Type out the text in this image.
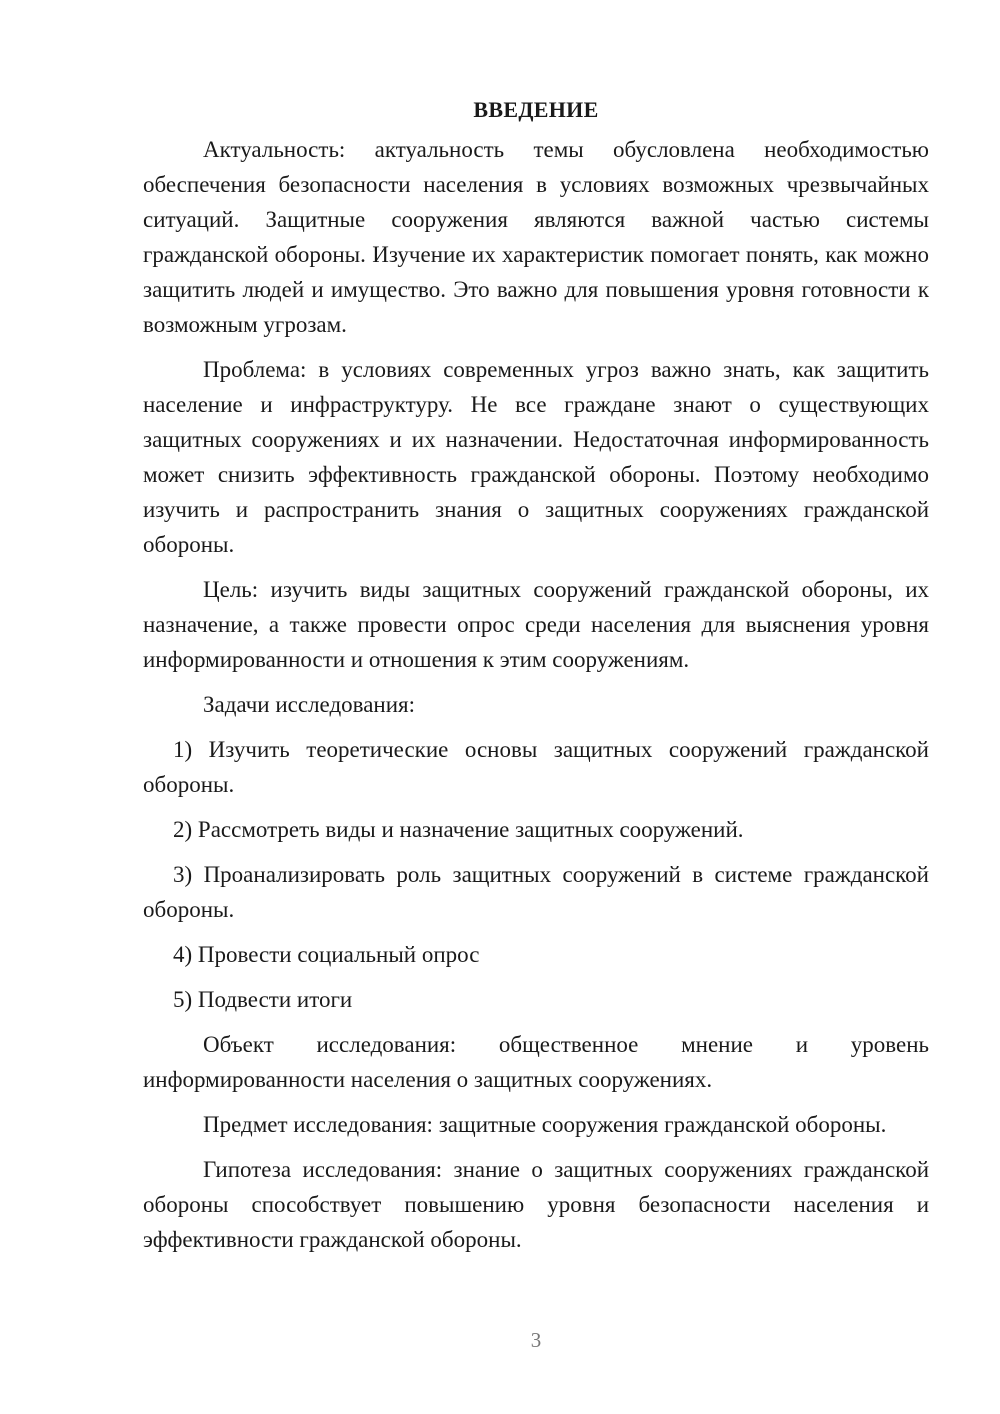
ВВЕДЕНИЕ

Актуальность: актуальность темы обусловлена необходимостью обеспечения безопасности населения в условиях возможных чрезвычайных ситуаций. Защитные сооружения являются важной частью системы гражданской обороны. Изучение их характеристик помогает понять, как можно защитить людей и имущество. Это важно для повышения уровня готовности к возможным угрозам.

Проблема: в условиях современных угроз важно знать, как защитить население и инфраструктуру. Не все граждане знают о существующих защитных сооружениях и их назначении. Недостаточная информированность может снизить эффективность гражданской обороны. Поэтому необходимо изучить и распространить знания о защитных сооружениях гражданской обороны.

Цель: изучить виды защитных сооружений гражданской обороны, их назначение, а также провести опрос среди населения для выяснения уровня информированности и отношения к этим сооружениям.

Задачи исследования:

1) Изучить теоретические основы защитных сооружений гражданской обороны.

2) Рассмотреть виды и назначение защитных сооружений.

3) Проанализировать роль защитных сооружений в системе гражданской обороны.

4) Провести социальный опрос

5) Подвести итоги

Объект исследования: общественное мнение и уровень информированности населения о защитных сооружениях.

Предмет исследования: защитные сооружения гражданской обороны.

Гипотеза исследования: знание о защитных сооружениях гражданской обороны способствует повышению уровня безопасности населения и эффективности гражданской обороны.

3
